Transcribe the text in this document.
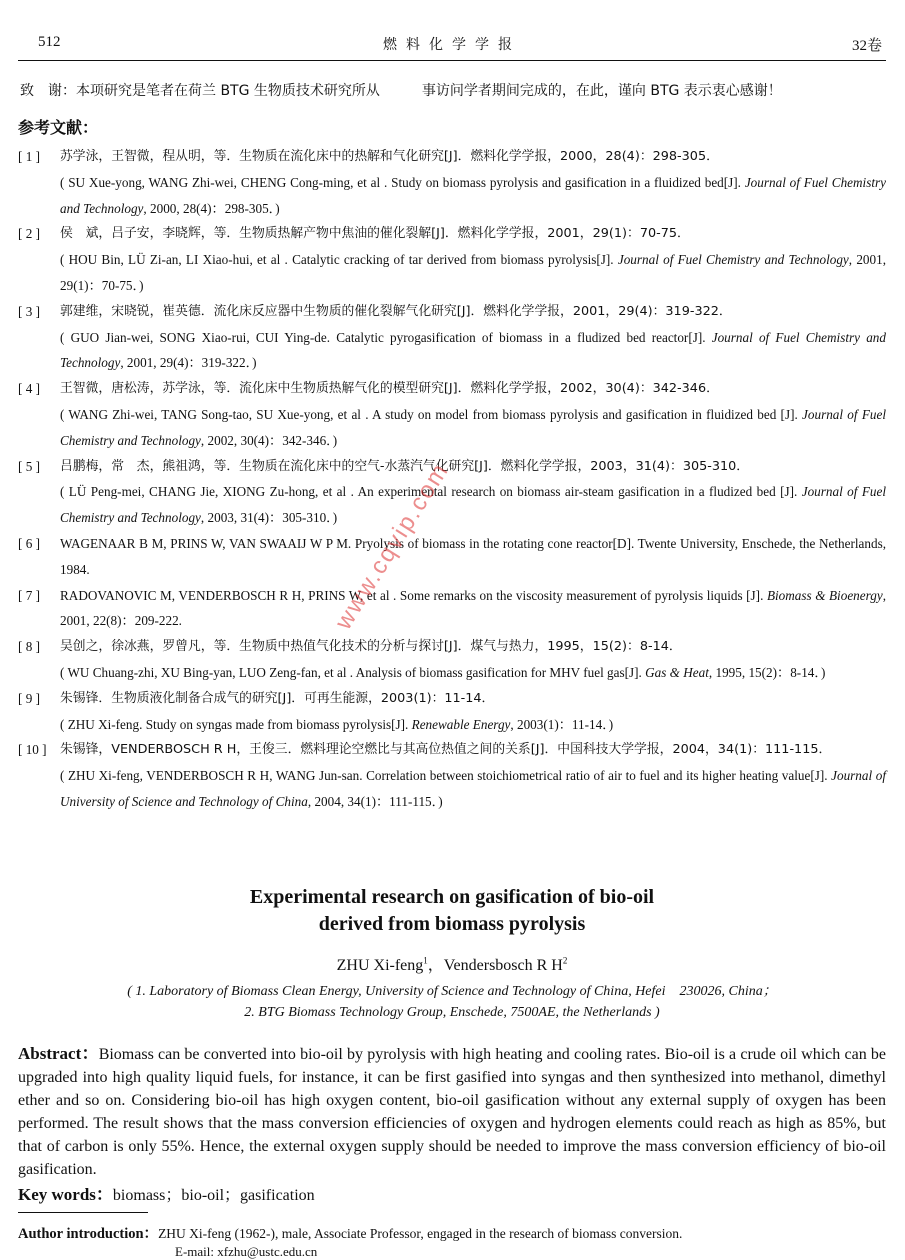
512	燃料化学学报	32卷
致　谢：本项研究是笔者在荷兰 BTG 生物质技术研究所从　　　事访问学者期间完成的，在此，谨向 BTG 表示衷心感谢！
参考文献：
[ 1 ] 苏学泳，王智微，程从明，等．生物质在流化床中的热解和气化研究[J]．燃料化学学报，2000，28(4)：298-305．
( SU Xue-yong, WANG Zhi-wei, CHENG Cong-ming, et al . Study on biomass pyrolysis and gasification in a fluidized bed[J]. Journal of Fuel Chemistry and Technology, 2000, 28(4)：298-305．)
[ 2 ] 侯　斌，吕子安，李晓辉，等．生物质热解产物中焦油的催化裂解[J]．燃料化学学报，2001，29(1)：70-75．
( HOU Bin, LÜ Zi-an, LI Xiao-hui, et al . Catalytic cracking of tar derived from biomass pyrolysis[J]. Journal of Fuel Chemistry and Technology, 2001, 29(1)：70-75．)
[ 3 ] 郭建维，宋晓锐，崔英德．流化床反应器中生物质的催化裂解气化研究[J]．燃料化学学报，2001，29(4)：319-322．
( GUO Jian-wei, SONG Xiao-rui, CUI Ying-de. Catalytic pyrogasification of biomass in a fludized bed reactor[J]. Journal of Fuel Chemistry and Technology, 2001, 29(4)：319-322．)
[ 4 ] 王智微，唐松涛，苏学泳，等．流化床中生物质热解气化的模型研究[J]．燃料化学学报，2002，30(4)：342-346．
( WANG Zhi-wei, TANG Song-tao, SU Xue-yong, et al . A study on model from biomass pyrolysis and gasification in fluidized bed [J]. Journal of Fuel Chemistry and Technology, 2002, 30(4)：342-346．)
[ 5 ] 吕鹏梅，常　杰，熊祖鸿，等．生物质在流化床中的空气-水蒸汽气化研究[J]．燃料化学学报，2003，31(4)：305-310．
( LÜ Peng-mei, CHANG Jie, XIONG Zu-hong, et al . An experimental research on biomass air-steam gasification in a fludized bed [J]. Journal of Fuel Chemistry and Technology, 2003, 31(4)：305-310．)
[ 6 ] WAGENAAR B M, PRINS W, VAN SWAAIJ W P M. Pryolysis of biomass in the rotating cone reactor[D]. Twente University, Enschede, the Netherlands, 1984.
[ 7 ] RADOVANOVIC M, VENDERBOSCH R H, PRINS W, et al . Some remarks on the viscosity measurement of pyrolysis liquids [J]. Biomass & Bioenergy, 2001, 22(8)：209-222.
[ 8 ] 吴创之，徐冰燕，罗曾凡，等．生物质中热值气化技术的分析与探讨[J]．煤气与热力，1995，15(2)：8-14．
( WU Chuang-zhi, XU Bing-yan, LUO Zeng-fan, et al . Analysis of biomass gasification for MHV fuel gas[J]. Gas & Heat, 1995, 15(2)：8-14．)
[ 9 ] 朱锡锋．生物质液化制备合成气的研究[J]．可再生能源，2003(1)：11-14．
( ZHU Xi-feng. Study on syngas made from biomass pyrolysis[J]. Renewable Energy, 2003(1)：11-14．)
[ 10 ] 朱锡锋，VENDERBOSCH R H，王俊三．燃料理论空燃比与其高位热值之间的关系[J]．中国科技大学学报，2004，34(1)：111-115．
( ZHU Xi-feng, VENDERBOSCH R H, WANG Jun-san. Correlation between stoichiometrical ratio of air to fuel and its higher heating value[J]. Journal of University of Science and Technology of China, 2004, 34(1)：111-115．)
Experimental research on gasification of bio-oil
derived from biomass pyrolysis
ZHU Xi-feng$^1$，Vendersbosch R $H^2$
( 1. Laboratory of Biomass Clean Energy, University of Science and Technology of China, Hefei　230026, China；
2. BTG Biomass Technology Group, Enschede, 7500AE, the Netherlands )
Abstract：Biomass can be converted into bio-oil by pyrolysis with high heating and cooling rates. Bio-oil is a crude oil which can be upgraded into high quality liquid fuels, for instance, it can be first gasified into syngas and then synthesized into methanol, dimethyl ether and so on. Considering bio-oil has high oxygen content, bio-oil gasification without any external supply of oxygen has been performed. The result shows that the mass conversion efficiencies of oxygen and hydrogen elements could reach as high as 85%, but that of carbon is only 55%. Hence, the external oxygen supply should be needed to improve the mass conversion efficiency of bio-oil gasification.
Key words：biomass；bio-oil；gasification
Author introduction：ZHU Xi-feng (1962-), male, Associate Professor, engaged in the research of biomass conversion.
E-mail: xfzhu@ustc.edu.cn
www.cqvip.com
